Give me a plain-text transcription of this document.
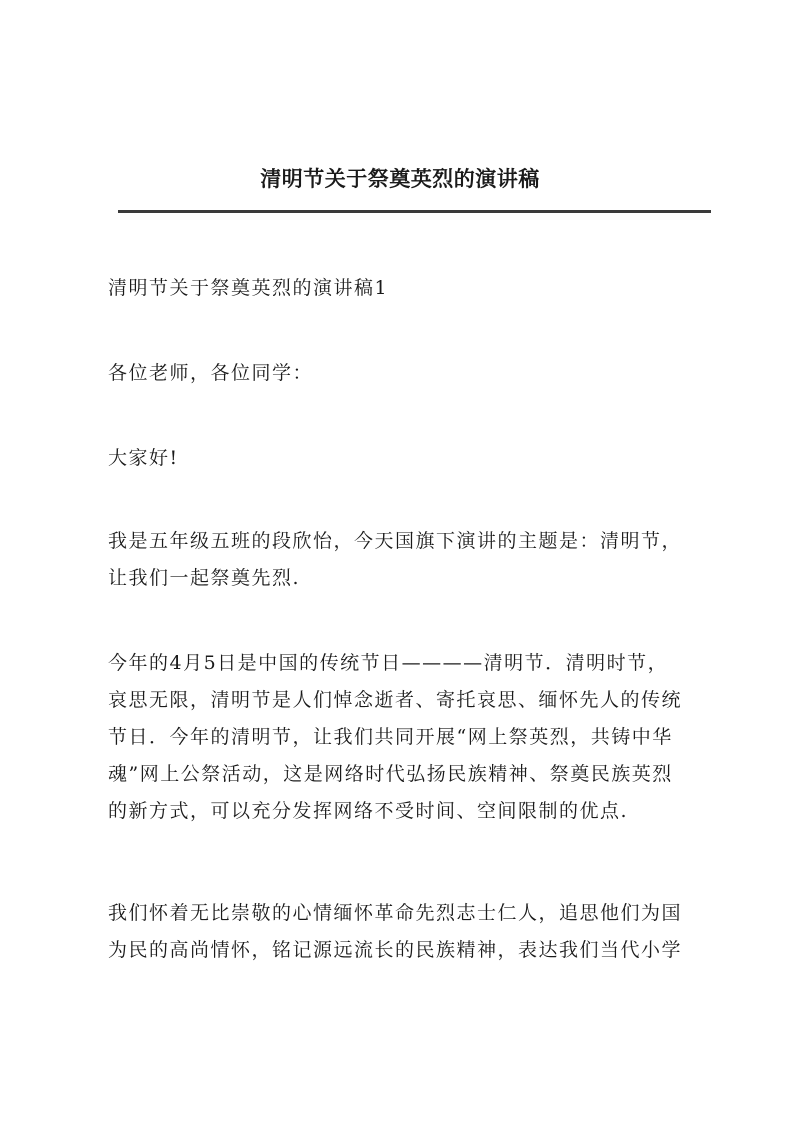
清明节关于祭奠英烈的演讲稿

清明节关于祭奠英烈的演讲稿1

各位老师，各位同学：

大家好!

我是五年级五班的段欣怡，今天国旗下演讲的主题是：清明节，
让我们一起祭奠先烈.

今年的4月5日是中国的传统节日————清明节．清明时节，
哀思无限，清明节是人们悼念逝者、寄托哀思、缅怀先人的传统
节日．今年的清明节，让我们共同开展“网上祭英烈，共铸中华
魂”网上公祭活动，这是网络时代弘扬民族精神、祭奠民族英烈
的新方式，可以充分发挥网络不受时间、空间限制的优点.

我们怀着无比崇敬的心情缅怀革命先烈志士仁人，追思他们为国
为民的高尚情怀，铭记源远流长的民族精神，表达我们当代小学
